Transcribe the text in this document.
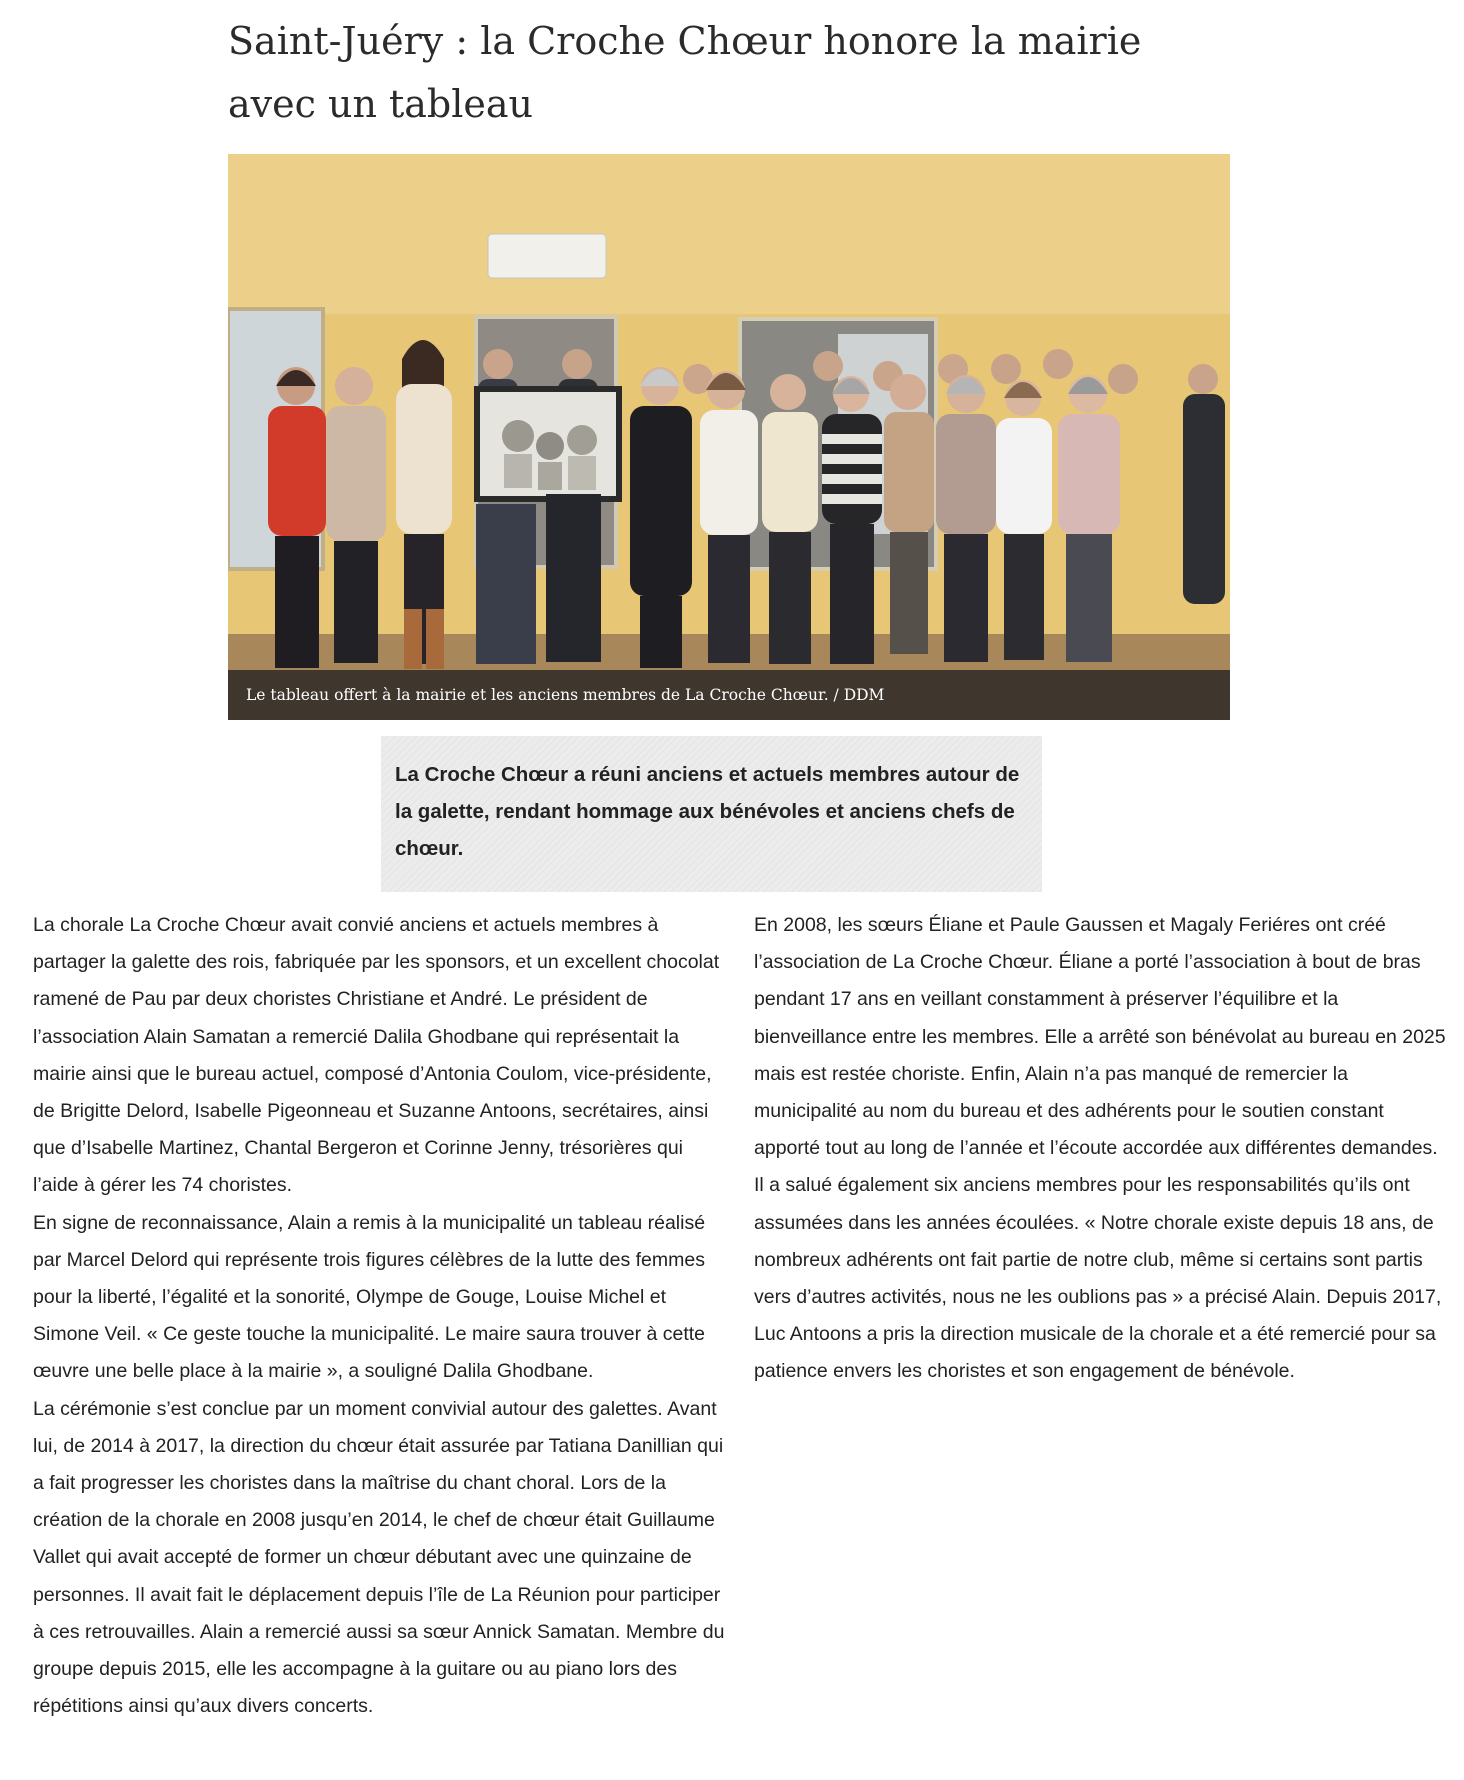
Saint-Juéry : la Croche Chœur honore la mairie avec un tableau
Le tableau offert à la mairie et les anciens membres de La Croche Chœur. / DDM
La Croche Chœur a réuni anciens et actuels membres autour de la galette, rendant hommage aux bénévoles et anciens chefs de chœur.

La chorale La Croche Chœur avait convié anciens et actuels membres à partager la galette des rois, fabriquée par les sponsors, et un excellent chocolat ramené de Pau par deux choristes Christiane et André. Le président de l’association Alain Samatan a remercié Dalila Ghodbane qui représentait la mairie ainsi que le bureau actuel, composé d’Antonia Coulom, vice-présidente, de Brigitte Delord, Isabelle Pigeonneau et Suzanne Antoons, secrétaires, ainsi que d’Isabelle Martinez, Chantal Bergeron et Corinne Jenny, trésorières qui l’aide à gérer les 74 choristes.

En signe de reconnaissance, Alain a remis à la municipalité un tableau réalisé par Marcel Delord qui représente trois figures célèbres de la lutte des femmes pour la liberté, l’égalité et la sonorité, Olympe de Gouge, Louise Michel et Simone Veil. « Ce geste touche la municipalité. Le maire saura trouver à cette œuvre une belle place à la mairie », a souligné Dalila Ghodbane.

La cérémonie s’est conclue par un moment convivial autour des galettes. Avant lui, de 2014 à 2017, la direction du chœur était assurée par Tatiana Danillian qui a fait progresser les choristes dans la maîtrise du chant choral. Lors de la création de la chorale en 2008 jusqu’en 2014, le chef de chœur était Guillaume Vallet qui avait accepté de former un chœur débutant avec une quinzaine de personnes. Il avait fait le déplacement depuis l’île de La Réunion pour participer à ces retrouvailles. Alain a remercié aussi sa sœur Annick Samatan. Membre du groupe depuis 2015, elle les accompagne à la guitare ou au piano lors des répétitions ainsi qu’aux divers concerts.

En 2008, les sœurs Éliane et Paule Gaussen et Magaly Feriéres ont créé l’association de La Croche Chœur. Éliane a porté l’association à bout de bras pendant 17 ans en veillant constamment à préserver l’équilibre et la bienveillance entre les membres. Elle a arrêté son bénévolat au bureau en 2025 mais est restée choriste. Enfin, Alain n’a pas manqué de remercier la municipalité au nom du bureau et des adhérents pour le soutien constant apporté tout au long de l’année et l’écoute accordée aux différentes demandes.

Il a salué également six anciens membres pour les responsabilités qu’ils ont assumées dans les années écoulées. « Notre chorale existe depuis 18 ans, de nombreux adhérents ont fait partie de notre club, même si certains sont partis vers d’autres activités, nous ne les oublions pas » a précisé Alain. Depuis 2017, Luc Antoons a pris la direction musicale de la chorale et a été remercié pour sa patience envers les choristes et son engagement de bénévole.
